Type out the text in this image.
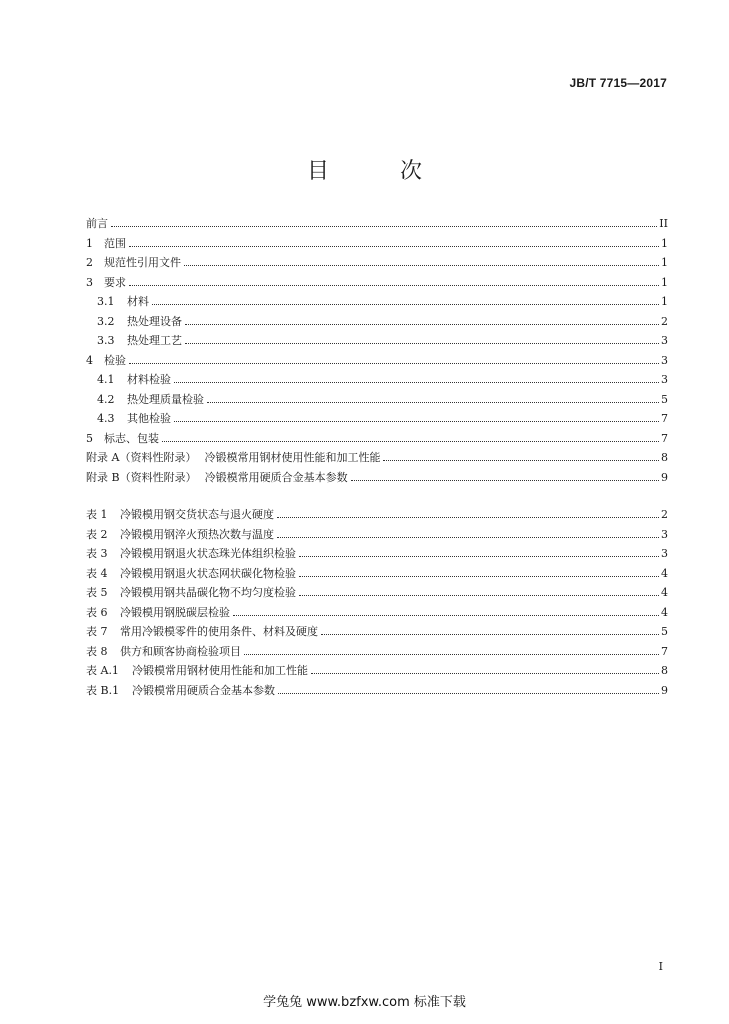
JB/T 7715—2017
目 次
前言	II
1 范围	1
2 规范性引用文件	1
3 要求	1
3.1	材料	1
3.2	热处理设备	2
3.3	热处理工艺	3
4 检验	3
4.1	材料检验	3
4.2	热处理质量检验	5
4.3	其他检验	7
5 标志、包装	7
附录 A（资料性附录） 冷锻模常用钢材使用性能和加工性能	8
附录 B（资料性附录） 冷锻模常用硬质合金基本参数	9
表 1	冷锻模用钢交货状态与退火硬度	2
表 2	冷锻模用钢淬火预热次数与温度	3
表 3	冷锻模用钢退火状态珠光体组织检验	3
表 4	冷锻模用钢退火状态网状碳化物检验	4
表 5	冷锻模用钢共晶碳化物不均匀度检验	4
表 6	冷锻模用钢脱碳层检验	4
表 7	常用冷锻模零件的使用条件、材料及硬度	5
表 8	供方和顾客协商检验项目	7
表 A.1	冷锻模常用钢材使用性能和加工性能	8
表 B.1	冷锻模常用硬质合金基本参数	9
I
学兔兔 www.bzfxw.com 标准下载
